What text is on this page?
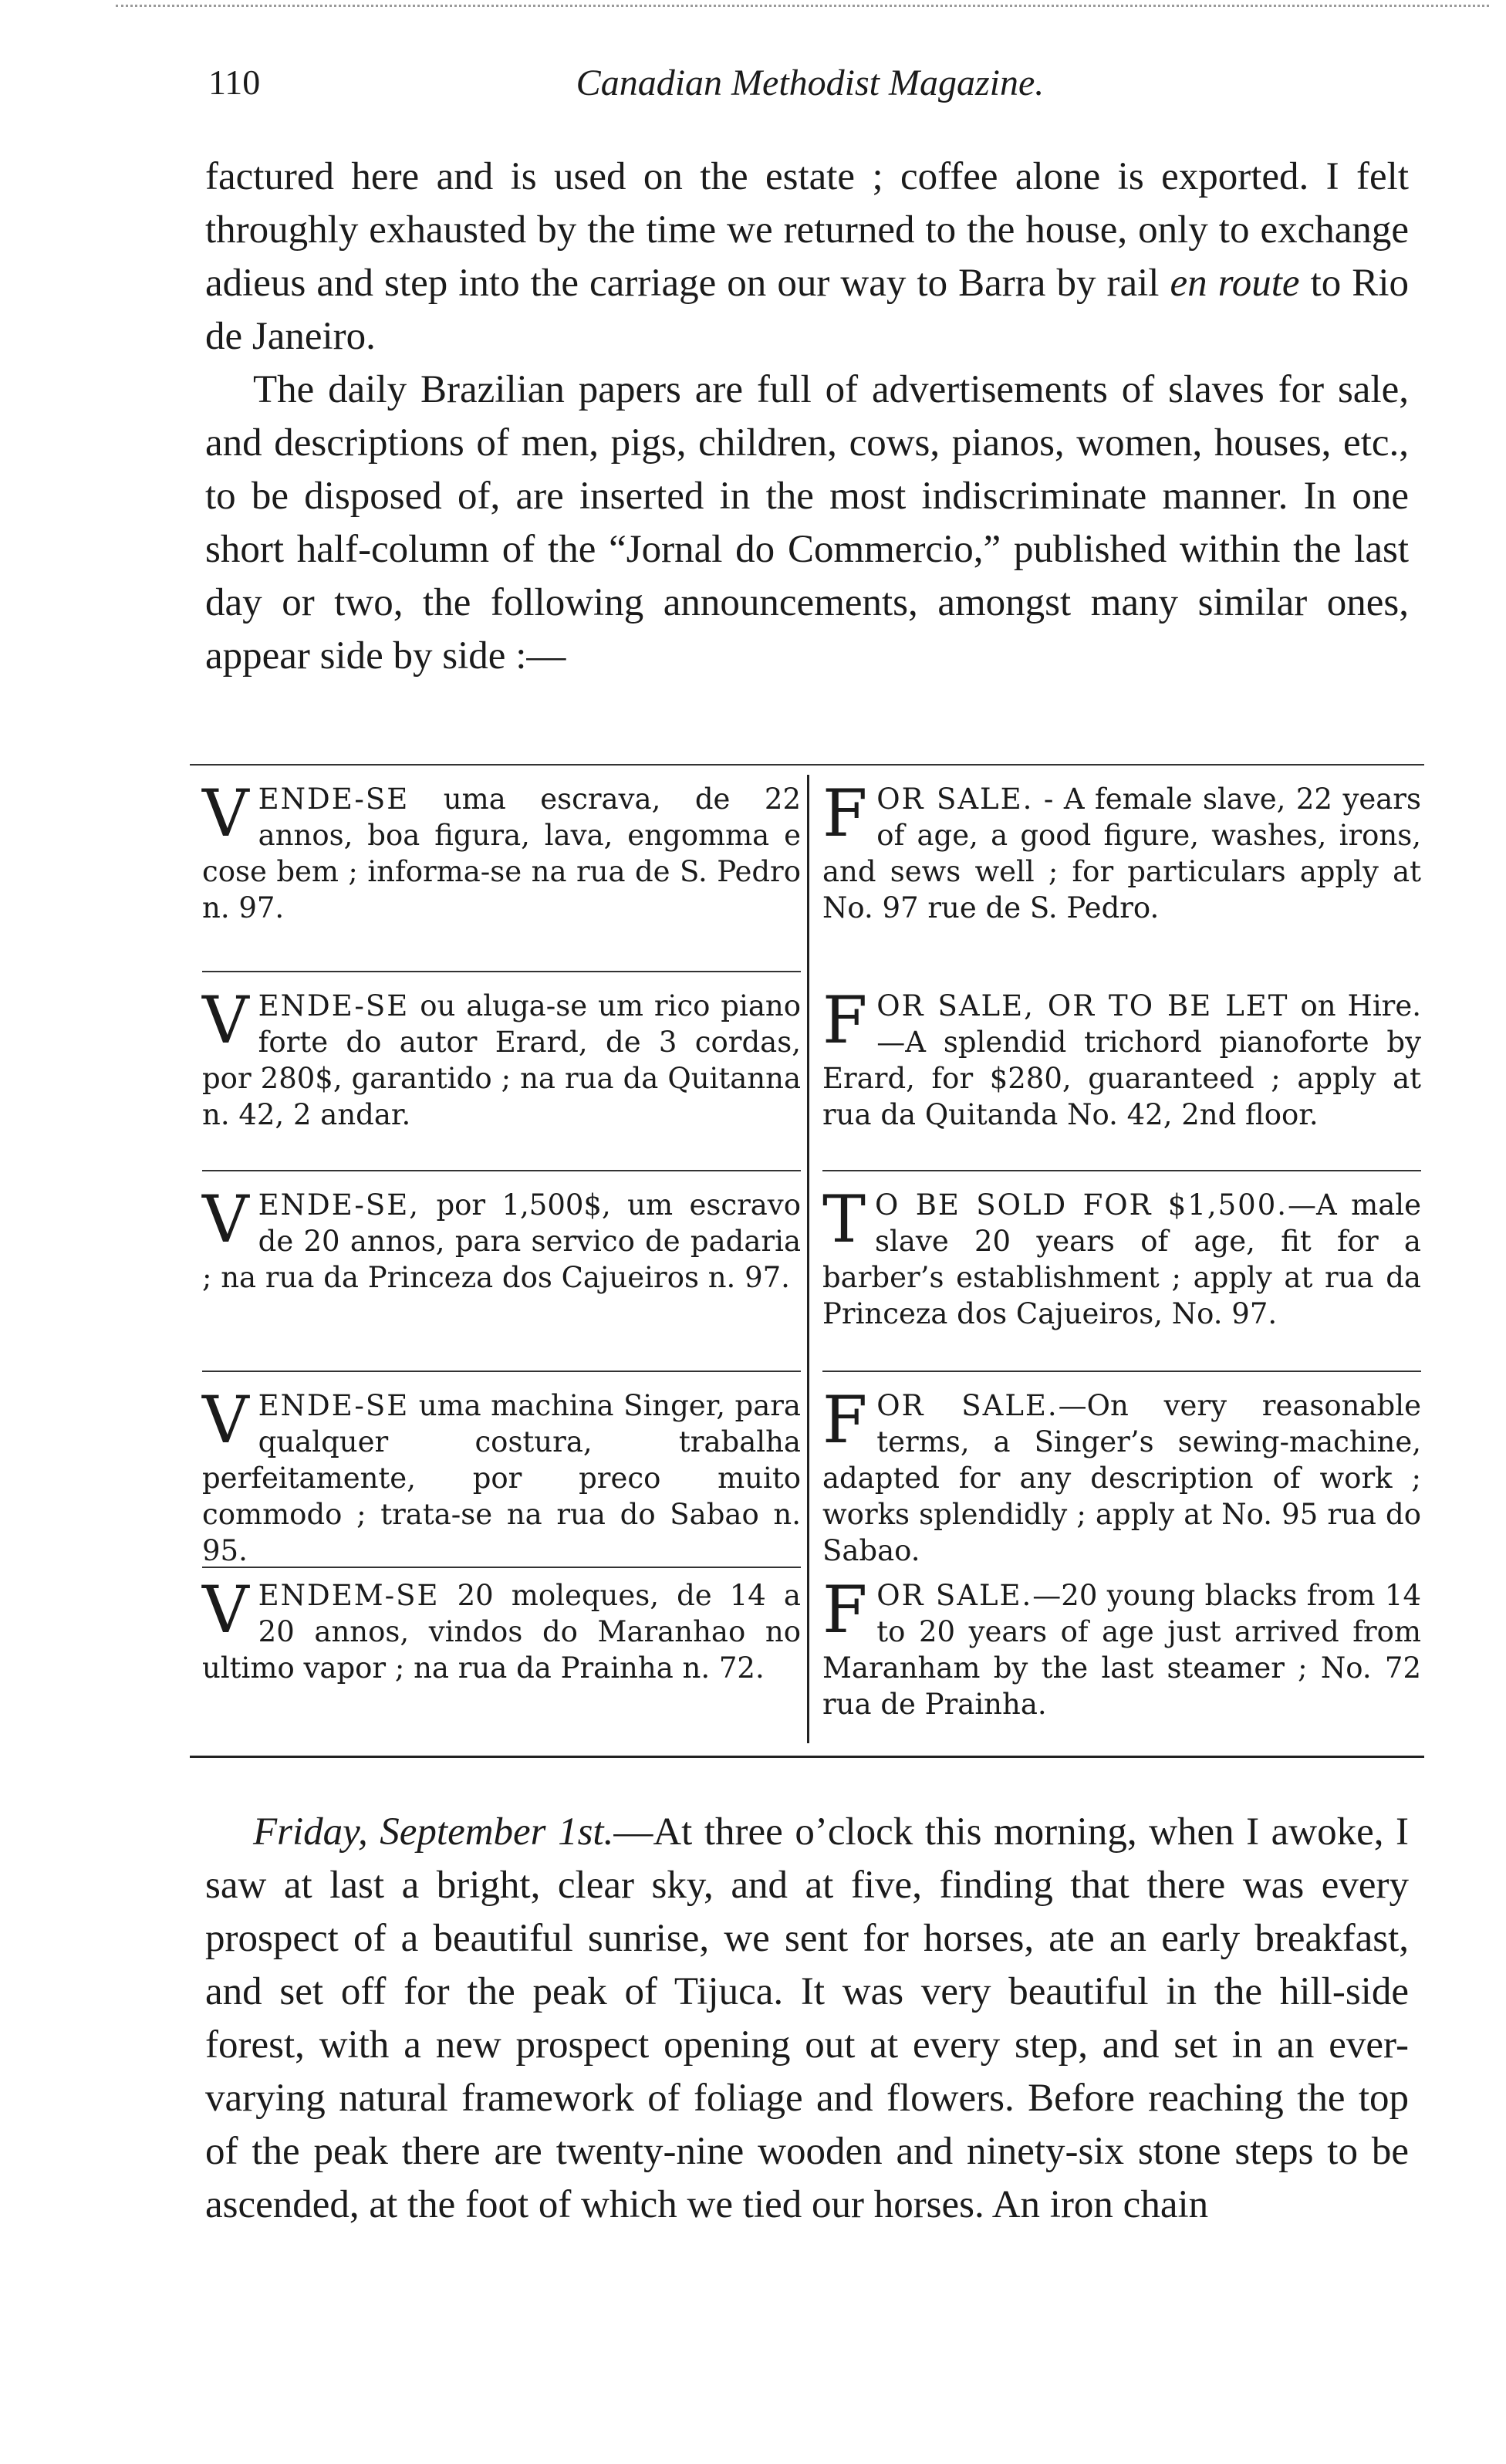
110	Canadian Methodist Magazine.

factured here and is used on the estate ; coffee alone is exported. I felt throughly exhausted by the time we returned to the house, only to exchange adieus and step into the carriage on our way to Barra by rail en route to Rio de Janeiro.

The daily Brazilian papers are full of advertisements of slaves for sale, and descriptions of men, pigs, children, cows, pianos, women, houses, etc., to be disposed of, are inserted in the most indiscriminate manner. In one short half-column of the “Jornal do Commercio,” published within the last day or two, the following announcements, amongst many similar ones, appear side by side :—

VENDE-SE uma escrava, de 22 annos, boa figura, lava, engomma e cose bem ; informa-se na rua de S. Pedro n. 97.
FOR SALE. - A female slave, 22 years of age, a good figure, washes, irons, and sews well ; for particulars apply at No. 97 rue de S. Pedro.
VENDE-SE ou aluga-se um rico piano forte do autor Erard, de 3 cordas, por 280$, garantido ; na rua da Quitanna n. 42, 2 andar.
FOR SALE, OR TO BE LET on Hire.—A splendid trichord pianoforte by Erard, for $280, guaranteed ; apply at rua da Quitanda No. 42, 2nd floor.
VENDE-SE, por 1,500$, um escravo de 20 annos, para servico de padaria ; na rua da Princeza dos Cajueiros n. 97.
T O BE SOLD FOR $1,500.—A male slave 20 years of age, fit for a barber’s establishment ; apply at rua da Princeza dos Cajueiros, No. 97.
VENDE-SE uma machina Singer, para qualquer costura, trabalha perfeitamente, por preco muito commodo ; trata-se na rua do Sabao n. 95.
FOR SALE.—On very reasonable terms, a Singer’s sewing-machine, adapted for any description of work ; works splendidly ; apply at No. 95 rua do Sabao.
VENDEM-SE 20 moleques, de 14 a 20 annos, vindos do Maranhao no ultimo vapor ; na rua da Prainha n. 72.
FOR SALE.—20 young blacks from 14 to 20 years of age just arrived from Maranham by the last steamer ; No. 72 rua de Prainha.

Friday, September 1st.—At three o’clock this morning, when I awoke, I saw at last a bright, clear sky, and at five, finding that there was every prospect of a beautiful sunrise, we sent for horses, ate an early breakfast, and set off for the peak of Tijuca. It was very beautiful in the hill-side forest, with a new prospect opening out at every step, and set in an ever-varying natural framework of foliage and flowers. Before reaching the top of the peak there are twenty-nine wooden and ninety-six stone steps to be ascended, at the foot of which we tied our horses. An iron chain
